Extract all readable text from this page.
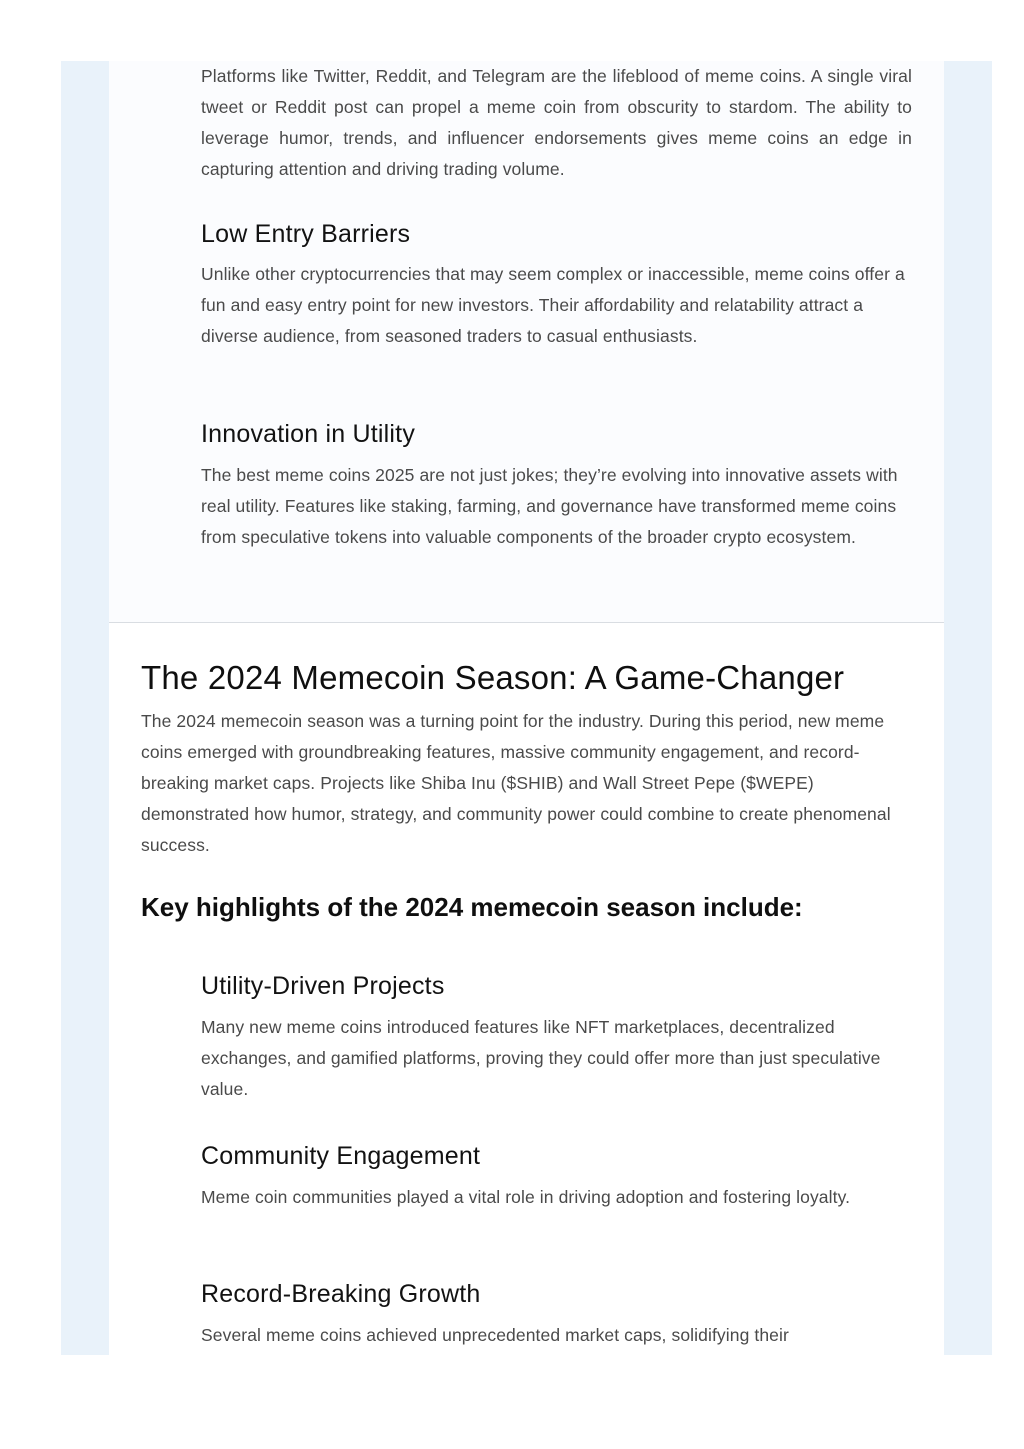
Platforms like Twitter, Reddit, and Telegram are the lifeblood of meme coins. A single viral tweet or Reddit post can propel a meme coin from obscurity to stardom. The ability to leverage humor, trends, and influencer endorsements gives meme coins an edge in capturing attention and driving trading volume.

Low Entry Barriers

Unlike other cryptocurrencies that may seem complex or inaccessible, meme coins offer a fun and easy entry point for new investors. Their affordability and relatability attract a diverse audience, from seasoned traders to casual enthusiasts.

Innovation in Utility

The best meme coins 2025 are not just jokes; they’re evolving into innovative assets with real utility. Features like staking, farming, and governance have transformed meme coins from speculative tokens into valuable components of the broader crypto ecosystem.

The 2024 Memecoin Season: A Game-Changer

The 2024 memecoin season was a turning point for the industry. During this period, new meme coins emerged with groundbreaking features, massive community engagement, and record-breaking market caps. Projects like Shiba Inu ($SHIB) and Wall Street Pepe ($WEPE) demonstrated how humor, strategy, and community power could combine to create phenomenal success.

Key highlights of the 2024 memecoin season include:
Utility-Driven Projects

Many new meme coins introduced features like NFT marketplaces, decentralized exchanges, and gamified platforms, proving they could offer more than just speculative value.

Community Engagement

Meme coin communities played a vital role in driving adoption and fostering loyalty.

Record-Breaking Growth

Several meme coins achieved unprecedented market caps, solidifying their
